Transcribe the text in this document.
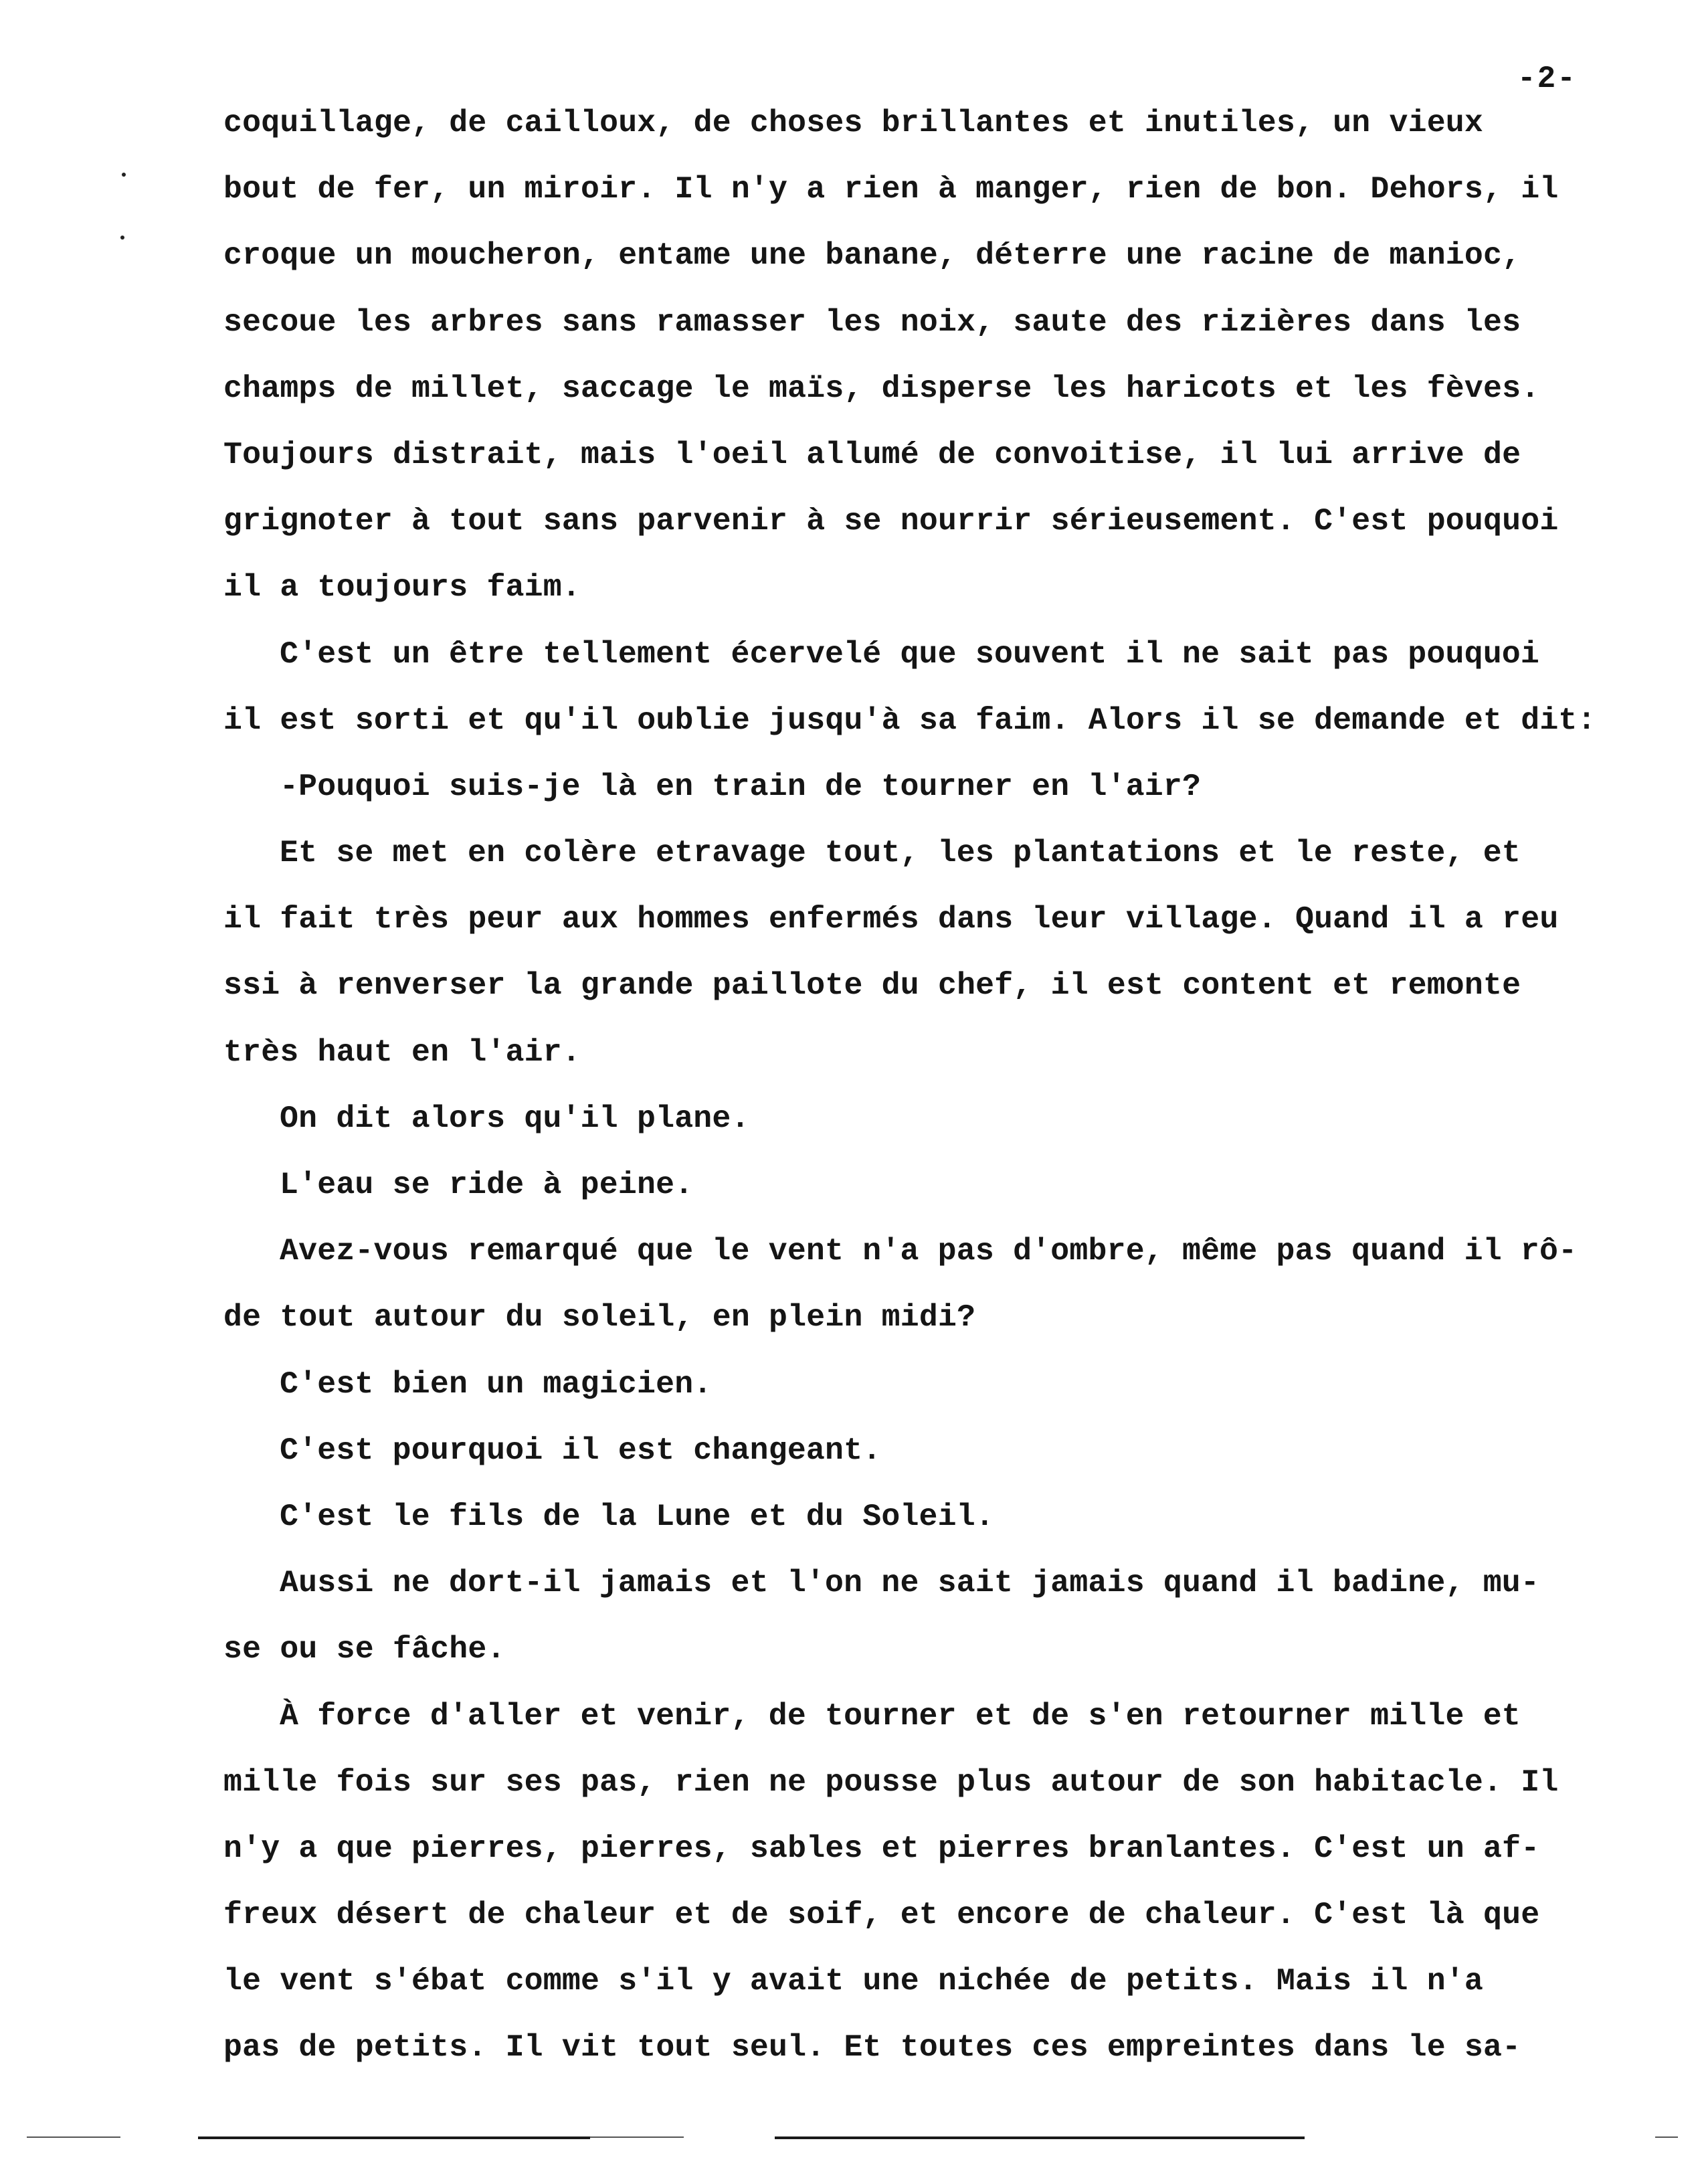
-2-
coquillage, de cailloux, de choses brillantes et inutiles, un vieux
bout de fer, un miroir. Il n'y a rien à manger, rien de bon. Dehors, il
croque un moucheron, entame une banane, déterre une racine de manioc,
secoue les arbres sans ramasser les noix, saute des rizières dans les
champs de millet, saccage le maïs, disperse les haricots et les fèves.
Toujours distrait, mais l'oeil allumé de convoitise, il lui arrive de
grignoter à tout sans parvenir à se nourrir sérieusement. C'est pouquoi
il a toujours faim.
C'est un être tellement écervelé que souvent il ne sait pas pouquoi
il est sorti et qu'il oublie jusqu'à sa faim. Alors il se demande et dit:
-Pouquoi suis-je là en train de tourner en l'air?
Et se met en colère etravage tout, les plantations et le reste, et
il fait très peur aux hommes enfermés dans leur village. Quand il a reu
ssi à renverser la grande paillote du chef, il est content et remonte
très haut en l'air.
On dit alors qu'il plane.
L'eau se ride à peine.
Avez-vous remarqué que le vent n'a pas d'ombre, même pas quand il rô-
de tout autour du soleil, en plein midi?
C'est bien un magicien.
C'est pourquoi il est changeant.
C'est le fils de la Lune et du Soleil.
Aussi ne dort-il jamais et l'on ne sait jamais quand il badine, mu-
se ou se fâche.
À force d'aller et venir, de tourner et de s'en retourner mille et
mille fois sur ses pas, rien ne pousse plus autour de son habitacle. Il
n'y a que pierres, pierres, sables et pierres branlantes. C'est un af-
freux désert de chaleur et de soif, et encore de chaleur. C'est là que
le vent s'ébat comme s'il y avait une nichée de petits. Mais il n'a
pas de petits. Il vit tout seul. Et toutes ces empreintes dans le sa-
